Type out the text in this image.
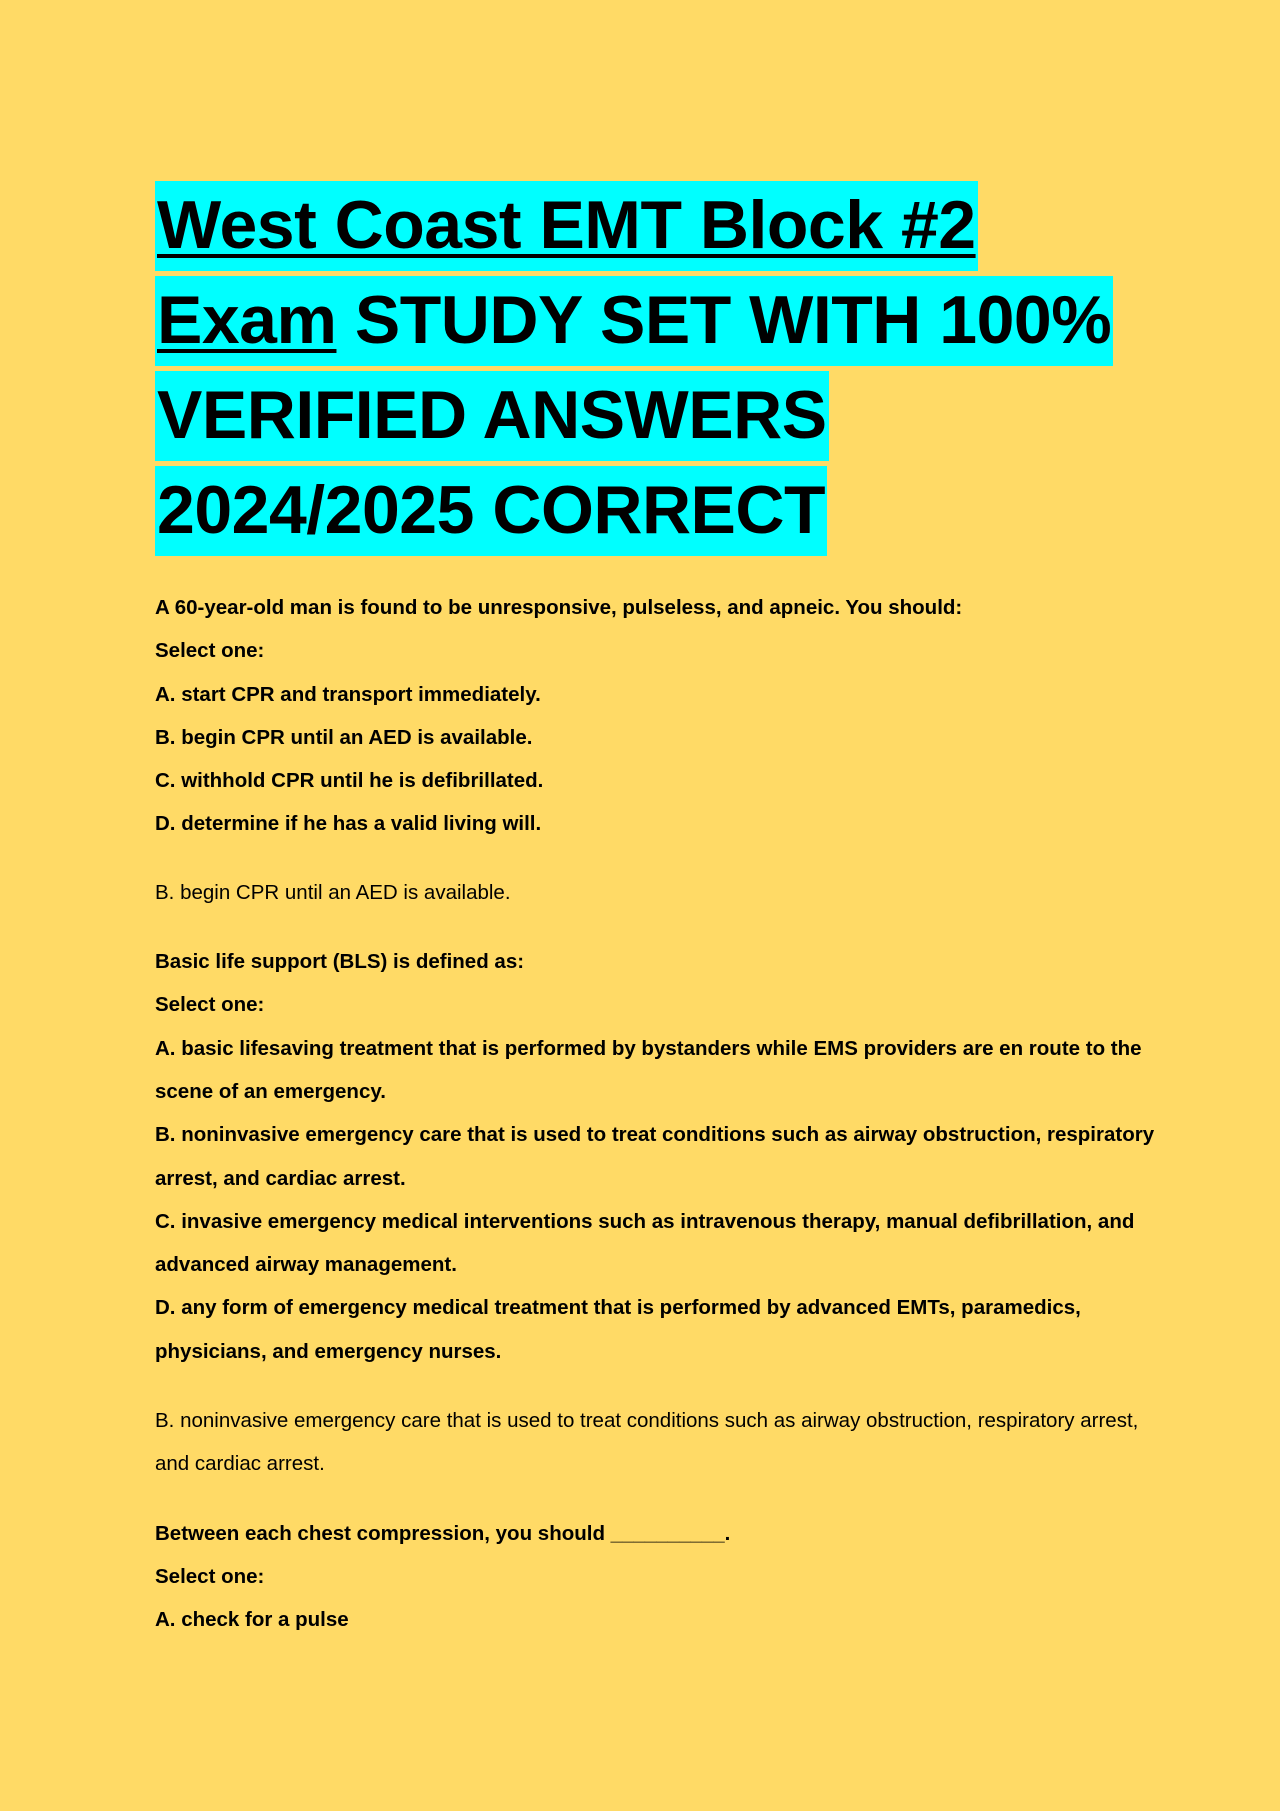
West Coast EMT Block #2 Exam STUDY SET WITH 100% VERIFIED ANSWERS 2024/2025 CORRECT

A 60-year-old man is found to be unresponsive, pulseless, and apneic. You should:

Select one:

A. start CPR and transport immediately.

B. begin CPR until an AED is available.

C. withhold CPR until he is defibrillated.

D. determine if he has a valid living will.

B. begin CPR until an AED is available.

Basic life support (BLS) is defined as:

Select one:

A. basic lifesaving treatment that is performed by bystanders while EMS providers are en route to the scene of an emergency.

B. noninvasive emergency care that is used to treat conditions such as airway obstruction, respiratory arrest, and cardiac arrest.

C. invasive emergency medical interventions such as intravenous therapy, manual defibrillation, and advanced airway management.

D. any form of emergency medical treatment that is performed by advanced EMTs, paramedics, physicians, and emergency nurses.

B. noninvasive emergency care that is used to treat conditions such as airway obstruction, respiratory arrest, and cardiac arrest.

Between each chest compression, you should __________.

Select one:

A. check for a pulse
